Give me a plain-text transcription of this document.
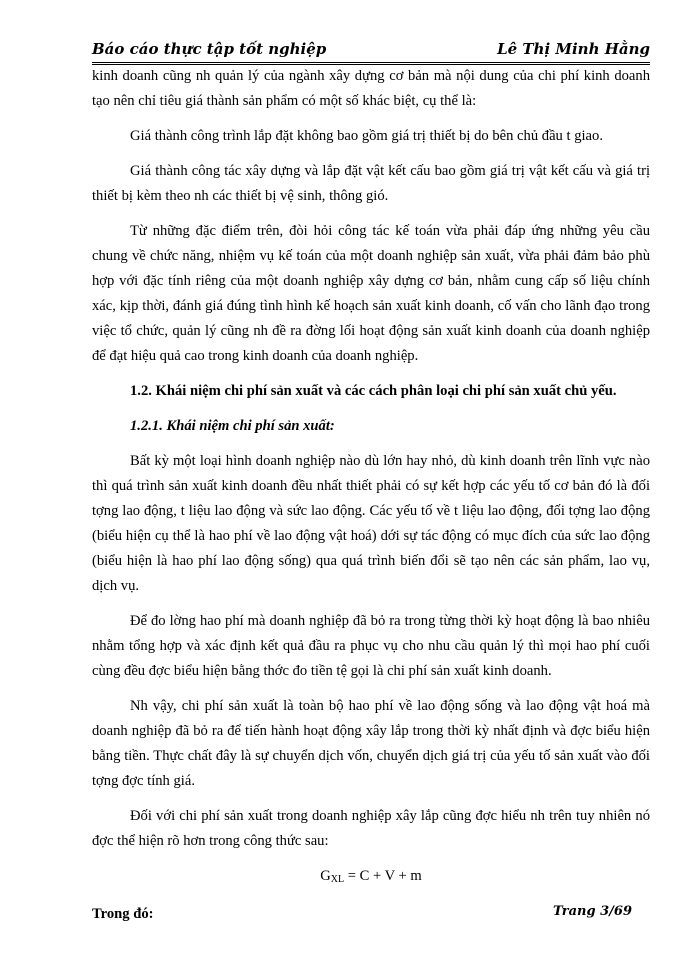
Báo cáo thực tập tốt nghiệp	Lê Thị Minh Hằng

kinh doanh cũng nh quản lý của ngành xây dựng cơ bản mà nội dung của chi phí kinh doanh tạo nên chỉ tiêu giá thành sản phẩm có một số khác biệt, cụ thể là:

Giá thành công trình lắp đặt không bao gồm giá trị thiết bị do bên chủ đầu t giao.

Giá thành công tác xây dựng và lắp đặt vật kết cấu bao gồm giá trị vật kết cấu và giá trị thiết bị kèm theo nh các thiết bị vệ sinh, thông gió.

Từ những đặc điểm trên, đòi hỏi công tác kế toán vừa phải đáp ứng những yêu cầu chung về chức năng, nhiệm vụ kế toán của một doanh nghiệp sản xuất, vừa phải đảm bảo phù hợp với đặc tính riêng của một doanh nghiệp xây dựng cơ bản, nhằm cung cấp số liệu chính xác, kịp thời, đánh giá đúng tình hình kế hoạch sản xuất kinh doanh, cố vấn cho lãnh đạo trong việc tổ chức, quản lý cũng nh đề ra đờng lối hoạt động sản xuất kinh doanh của doanh nghiệp để đạt hiệu quả cao trong kinh doanh của doanh nghiệp.

1.2. Khái niệm chi phí sản xuất và các cách phân loại chi phí sản xuất chủ yếu.

1.2.1. Khái niệm chi phí sản xuất:

Bất kỳ một loại hình doanh nghiệp nào dù lớn hay nhỏ, dù kinh doanh trên lĩnh vực nào thì quá trình sản xuất kinh doanh đều nhất thiết phải có sự kết hợp các yếu tố cơ bản đó là đối tợng lao động, t liệu lao động và sức lao động. Các yếu tố về t liệu lao động, đối tợng lao động (biểu hiện cụ thể là hao phí về lao động vật hoá) dới sự tác động có mục đích của sức lao động (biểu hiện là hao phí lao động sống) qua quá trình biến đổi sẽ tạo nên các sản phẩm, lao vụ, dịch vụ.

Để đo lờng hao phí mà doanh nghiệp đã bỏ ra trong từng thời kỳ hoạt động là bao nhiêu nhằm tổng hợp và xác định kết quả đầu ra phục vụ cho nhu cầu quản lý thì mọi hao phí cuối cùng đều đợc biểu hiện bằng thớc đo tiền tệ gọi là chi phí sản xuất kinh doanh.

Nh vậy, chi phí sản xuất là toàn bộ hao phí về lao động sống và lao động vật hoá mà doanh nghiệp đã bỏ ra để tiến hành hoạt động xây lắp trong thời kỳ nhất định và đợc biểu hiện bằng tiền. Thực chất đây là sự chuyển dịch vốn, chuyển dịch giá trị của yếu tố sản xuất vào đối tợng đợc tính giá.

Đối với chi phí sản xuất trong doanh nghiệp xây lắp cũng đợc hiểu nh trên tuy nhiên nó đợc thể hiện rõ hơn trong công thức sau:

$G_{XL} = C + V + m$

Trong đó:	Trang 3/69
